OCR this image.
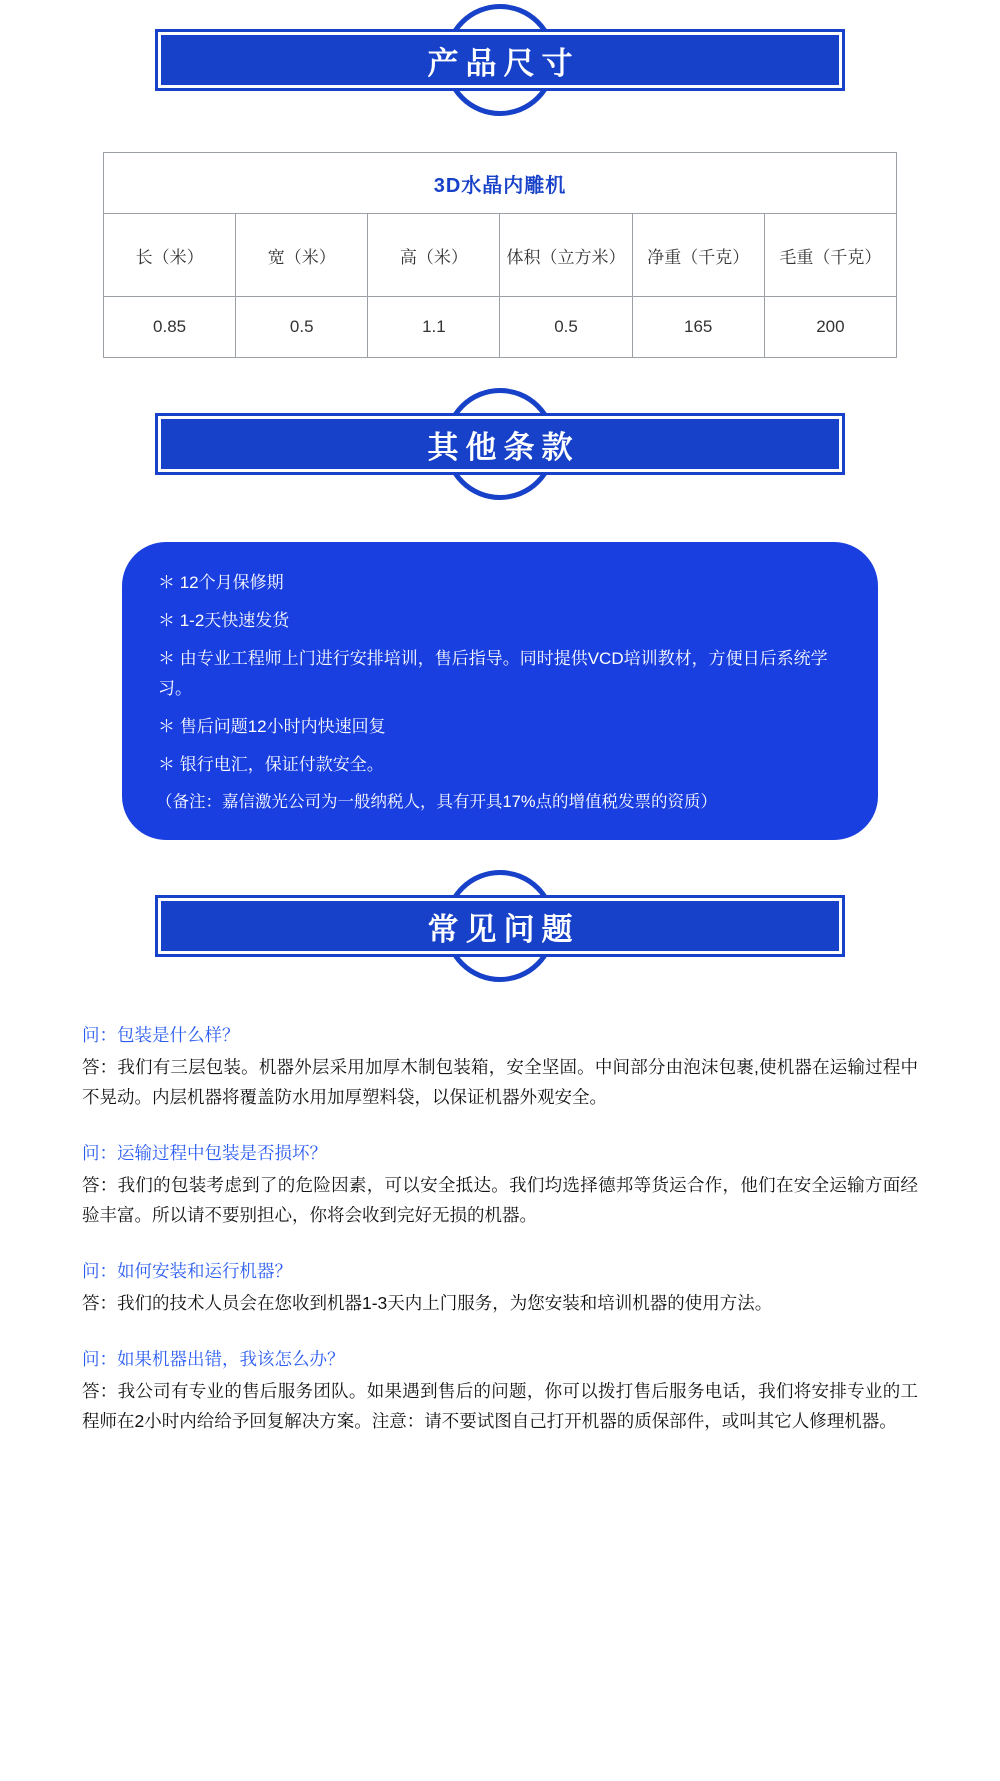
产品尺寸
3D水晶内雕机					
长（米）	宽（米）	高（米）	体积（立方米）	净重（千克）	毛重（千克）
0.85	0.5	1.1	0.5	165	200
其他条款
＊ 12个月保修期
＊ 1-2天快速发货
＊ 由专业工程师上门进行安排培训，售后指导。同时提供VCD培训教材，方便日后系统学习。
＊ 售后问题12小时内快速回复
＊ 银行电汇，保证付款安全。
（备注：嘉信激光公司为一般纳税人，具有开具17%点的增值税发票的资质）
常见问题
问：包装是什么样？
答：我们有三层包装。机器外层采用加厚木制包装箱，安全坚固。中间部分由泡沫包裹,使机器在运输过程中不晃动。内层机器将覆盖防水用加厚塑料袋，以保证机器外观安全。
问：运输过程中包装是否损坏？
答：我们的包装考虑到了的危险因素，可以安全抵达。我们均选择德邦等货运合作，他们在安全运输方面经验丰富。所以请不要别担心，你将会收到完好无损的机器。
问：如何安装和运行机器？
答：我们的技术人员会在您收到机器1-3天内上门服务，为您安装和培训机器的使用方法。
问：如果机器出错，我该怎么办？
答：我公司有专业的售后服务团队。如果遇到售后的问题，你可以拨打售后服务电话，我们将安排专业的工程师在2小时内给给予回复解决方案。注意：请不要试图自己打开机器的质保部件，或叫其它人修理机器。
